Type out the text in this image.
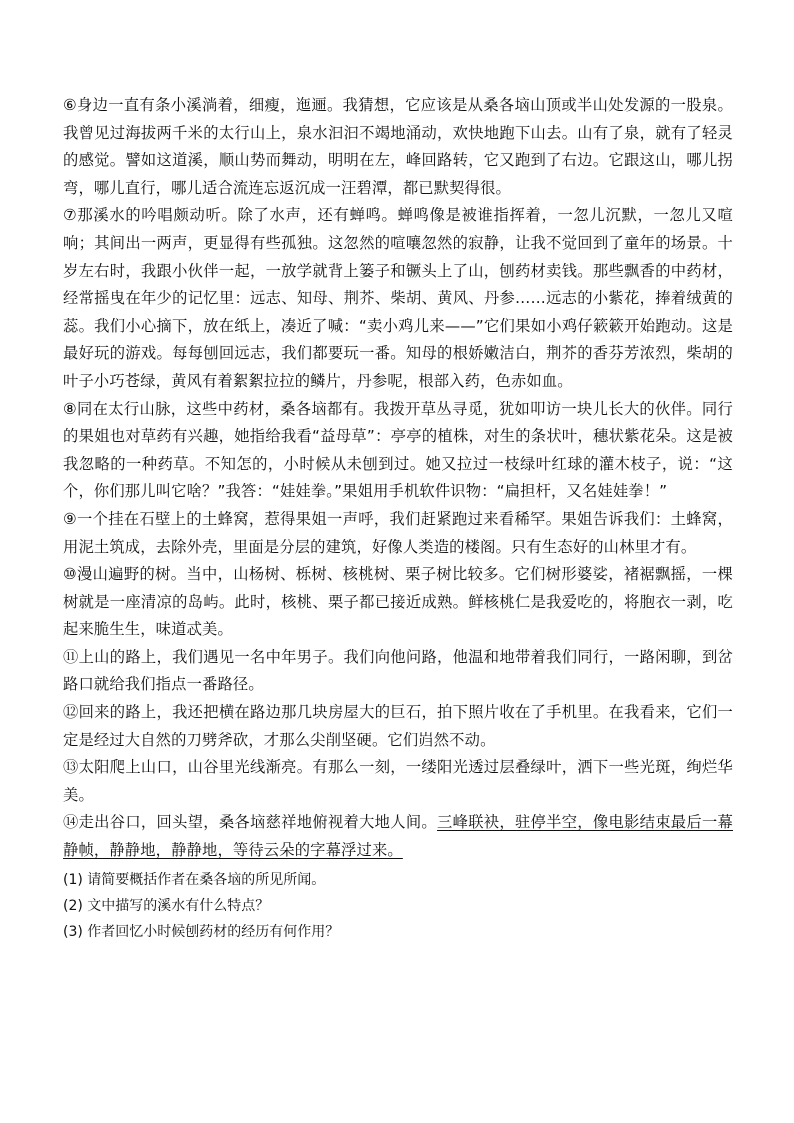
⑥身边一直有条小溪淌着，细瘦，迤逦。我猜想，它应该是从桑各垴山顶或半山处发源的一股泉。我曾见过海拔两千米的太行山上，泉水汩汩不竭地涌动，欢快地跑下山去。山有了泉，就有了轻灵的感觉。譬如这道溪，顺山势而舞动，明明在左，峰回路转，它又跑到了右边。它跟这山，哪儿拐弯，哪儿直行，哪儿适合流连忘返沉成一汪碧潭，都已默契得很。

⑦那溪水的吟唱颇动听。除了水声，还有蝉鸣。蝉鸣像是被谁指挥着，一忽儿沉默，一忽儿又喧响；其间出一两声，更显得有些孤独。这忽然的喧嚷忽然的寂静，让我不觉回到了童年的场景。十岁左右时，我跟小伙伴一起，一放学就背上篓子和镢头上了山，刨药材卖钱。那些飘香的中药材，经常摇曳在年少的记忆里：远志、知母、荆芥、柴胡、黄风、丹参……远志的小紫花，捧着绒黄的蕊。我们小心摘下，放在纸上，凑近了喊：“卖小鸡儿来——”它们果如小鸡仔簌簌开始跑动。这是最好玩的游戏。每每刨回远志，我们都要玩一番。知母的根娇嫩洁白，荆芥的香芬芳浓烈，柴胡的叶子小巧苍绿，黄风有着絮絮拉拉的鳞片，丹参呢，根部入药，色赤如血。

⑧同在太行山脉，这些中药材，桑各垴都有。我拨开草丛寻觅，犹如叩访一块儿长大的伙伴。同行的果姐也对草药有兴趣，她指给我看“益母草”：亭亭的植株，对生的条状叶，穗状紫花朵。这是被我忽略的一种药草。不知怎的，小时候从未刨到过。她又拉过一枝绿叶红球的灌木枝子，说：“这个，你们那儿叫它啥？”我答：“娃娃拳。”果姐用手机软件识物：“扁担杆，又名娃娃拳！”

⑨一个挂在石壁上的土蜂窝，惹得果姐一声呼，我们赶紧跑过来看稀罕。果姐告诉我们：土蜂窝，用泥土筑成，去除外壳，里面是分层的建筑，好像人类造的楼阁。只有生态好的山林里才有。

⑩漫山遍野的树。当中，山杨树、栎树、核桃树、栗子树比较多。它们树形婆娑，褚裾飘摇，一棵树就是一座清凉的岛屿。此时，核桃、栗子都已接近成熟。鲜核桃仁是我爱吃的，将胞衣一剥，吃起来脆生生，味道忒美。

⑪上山的路上，我们遇见一名中年男子。我们向他问路，他温和地带着我们同行，一路闲聊，到岔路口就给我们指点一番路径。

⑫回来的路上，我还把横在路边那几块房屋大的巨石，拍下照片收在了手机里。在我看来，它们一定是经过大自然的刀劈斧砍，才那么尖削坚硬。它们岿然不动。

⑬太阳爬上山口，山谷里光线渐亮。有那么一刻，一缕阳光透过层叠绿叶，洒下一些光斑，绚烂华美。

⑭走出谷口，回头望，桑各垴慈祥地俯视着大地人间。三峰联袂，驻停半空，像电影结束最后一幕静帧，静静地，静静地，等待云朵的字幕浮过来。

(1) 请简要概括作者在桑各垴的所见所闻。

(2) 文中描写的溪水有什么特点？

(3) 作者回忆小时候刨药材的经历有何作用？
